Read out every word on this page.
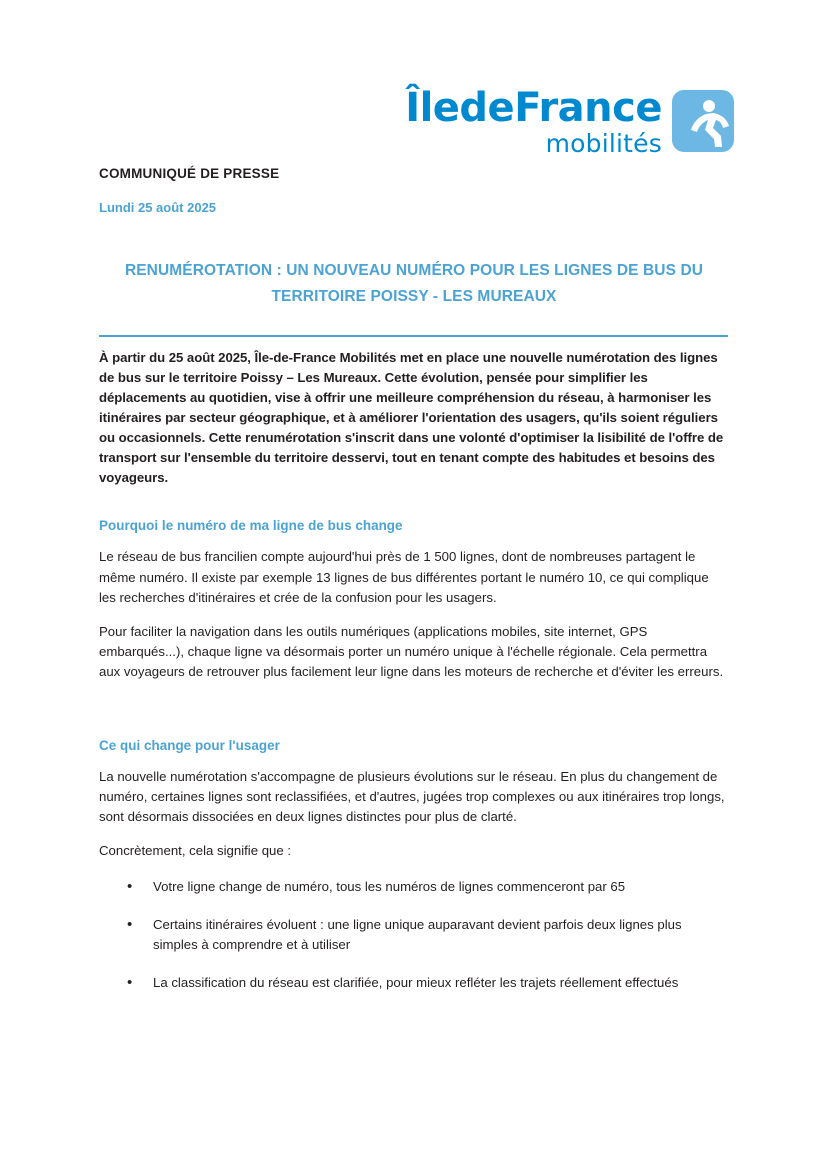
ÎledeFrance
mobilités
COMMUNIQUÉ DE PRESSE
Lundi 25 août 2025
RENUMÉROTATION : UN NOUVEAU NUMÉRO POUR LES LIGNES DE BUS DU TERRITOIRE POISSY - LES MUREAUX

À partir du 25 août 2025, Île-de-France Mobilités met en place une nouvelle numérotation des lignes de bus sur le territoire Poissy – Les Mureaux. Cette évolution, pensée pour simplifier les déplacements au quotidien, vise à offrir une meilleure compréhension du réseau, à harmoniser les itinéraires par secteur géographique, et à améliorer l'orientation des usagers, qu'ils soient réguliers ou occasionnels. Cette renumérotation s'inscrit dans une volonté d'optimiser la lisibilité de l'offre de transport sur l'ensemble du territoire desservi, tout en tenant compte des habitudes et besoins des voyageurs.

Pourquoi le numéro de ma ligne de bus change

Le réseau de bus francilien compte aujourd'hui près de 1 500 lignes, dont de nombreuses partagent le même numéro. Il existe par exemple 13 lignes de bus différentes portant le numéro 10, ce qui complique les recherches d'itinéraires et crée de la confusion pour les usagers.

Pour faciliter la navigation dans les outils numériques (applications mobiles, site internet, GPS embarqués...), chaque ligne va désormais porter un numéro unique à l'échelle régionale. Cela permettra aux voyageurs de retrouver plus facilement leur ligne dans les moteurs de recherche et d'éviter les erreurs.

Ce qui change pour l'usager

La nouvelle numérotation s'accompagne de plusieurs évolutions sur le réseau. En plus du changement de numéro, certaines lignes sont reclassifiées, et d'autres, jugées trop complexes ou aux itinéraires trop longs, sont désormais dissociées en deux lignes distinctes pour plus de clarté.

Concrètement, cela signifie que :

• Votre ligne change de numéro, tous les numéros de lignes commenceront par 65
• Certains itinéraires évoluent : une ligne unique auparavant devient parfois deux lignes plus simples à comprendre et à utiliser
• La classification du réseau est clarifiée, pour mieux refléter les trajets réellement effectués
